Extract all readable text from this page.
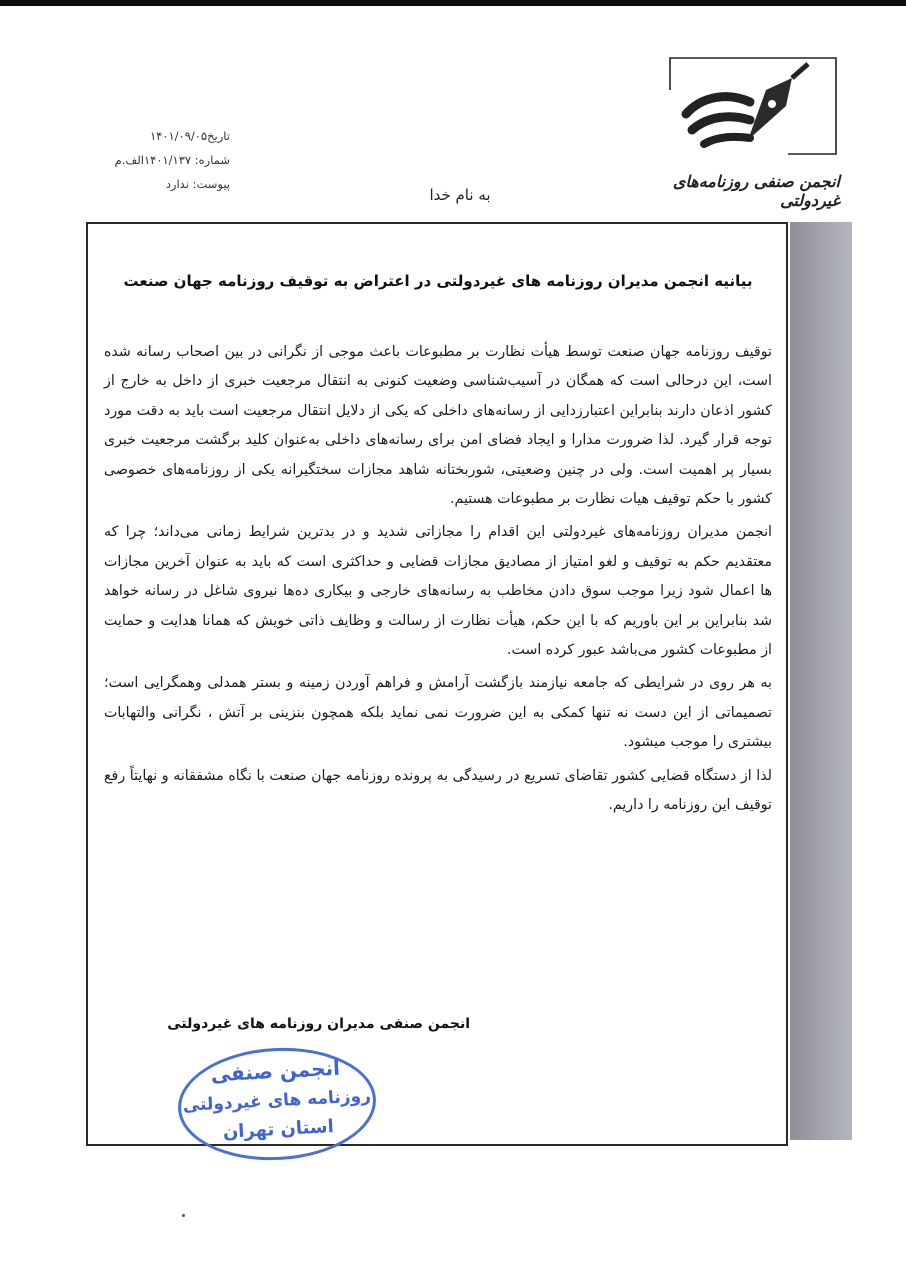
انجمن صنفی روزنامه‌های غیردولتی
تاریخ۱۴۰۱/۰۹/۰۵
شماره: ۱۴۰۱/۱۳۷الف.م
پیوست: ندارد
به نام خدا
بیانیه انجمن مدیران روزنامه های غیردولتی در اعتراض به توقیف روزنامه جهان صنعت

توقیف روزنامه جهان صنعت توسط هیأت نظارت بر مطبوعات باعث موجی از نگرانی در بین اصحاب رسانه شده است، این درحالی است که همگان در آسیب‌شناسی وضعیت کنونی به انتقال مرجعیت خبری از داخل به خارج از کشور اذعان دارند بنابراین اعتبارزدایی از رسانه‌های داخلی که یکی از دلایل انتقال مرجعیت است باید به دقت مورد توجه قرار گیرد. لذا ضرورت مدارا و ایجاد فضای امن برای رسانه‌های داخلی به‌عنوان کلید برگشت مرجعیت خبری بسیار پر اهمیت است. ولی در چنین وضعیتی، شوربختانه شاهد مجازات سختگیرانه یکی از روزنامه‌های خصوصی کشور با حکم توقیف هیات نظارت بر مطبوعات هستیم.

انجمن مدیران روزنامه‌های غیردولتی این اقدام را مجازاتی شدید و در بدترین شرایط زمانی می‌داند؛ چرا که معتقدیم حکم به توقیف و لغو امتیاز از مصادیق مجازات قضایی و حداکثری است که باید به عنوان آخرین مجازات ها اعمال شود زیرا موجب سوق دادن مخاطب به رسانه‌های خارجی و بیکاری ده‌ها نیروی شاغل در رسانه خواهد شد بنابراین بر این باوریم که با این حکم، هیأت نظارت از رسالت و وظایف ذاتی خویش که همانا هدایت و حمایت از مطبوعات کشور می‌باشد عبور کرده است.

به هر روی در شرایطی که جامعه نیازمند بازگشت آرامش و فراهم آوردن زمینه و بستر همدلی وهمگرایی است؛ تصمیماتی از این دست نه تنها کمکی به این ضرورت نمی نماید بلکه همچون بنزینی بر آتش ، نگرانی والتهابات بیشتری را موجب میشود.

لذا از دستگاه قضایی کشور تقاضای تسریع در رسیدگی به پرونده روزنامه جهان صنعت با نگاه مشفقانه و نهایتاً رفع توقیف این روزنامه را داریم.

انجمن صنفی مدیران روزنامه های غیردولتی
انجمن صنفی
روزنامه های غیردولتی
استان تهران
